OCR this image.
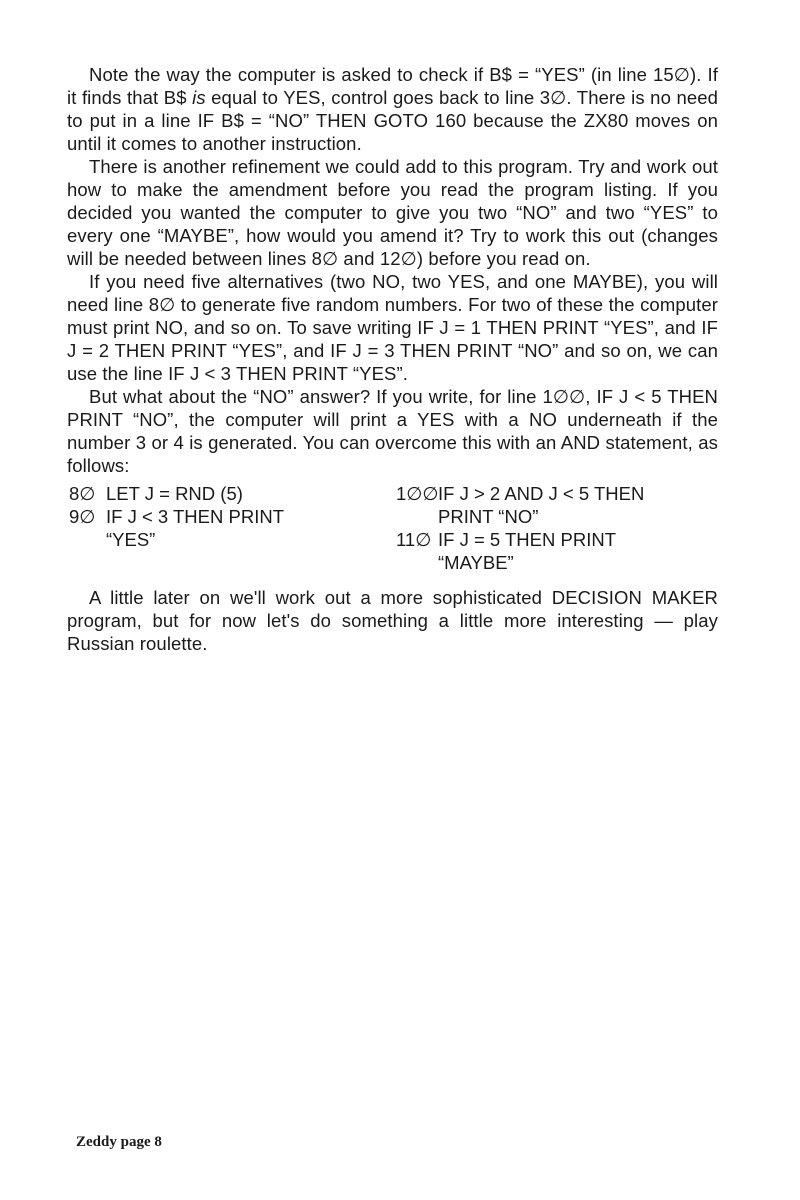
Note the way the computer is asked to check if B$ = “YES” (in line 15∅). If it finds that B$ is equal to YES, control goes back to line 3∅. There is no need to put in a line IF B$ = “NO” THEN GOTO 160 because the ZX80 moves on until it comes to another instruction.

There is another refinement we could add to this program. Try and work out how to make the amendment before you read the program listing. If you decided you wanted the computer to give you two “NO” and two “YES” to every one “MAYBE”, how would you amend it? Try to work this out (changes will be needed between lines 8∅ and 12∅) before you read on.

If you need five alternatives (two NO, two YES, and one MAYBE), you will need line 8∅ to generate five random numbers. For two of these the computer must print NO, and so on. To save writing IF J = 1 THEN PRINT “YES”, and IF J = 2 THEN PRINT “YES”, and IF J = 3 THEN PRINT “NO” and so on, we can use the line IF J < 3 THEN PRINT “YES”.

But what about the “NO” answer? If you write, for line 1∅∅, IF J < 5 THEN PRINT “NO”, the computer will print a YES with a NO underneath if the number 3 or 4 is generated. You can overcome this with an AND statement, as follows:

8∅ LET J = RND (5)
9∅ IF J < 3 THEN PRINT
“YES”
1∅∅ IF J > 2 AND J < 5 THEN
PRINT “NO”
11∅ IF J = 5 THEN PRINT
“MAYBE”

A little later on we'll work out a more sophisticated DECISION MAKER program, but for now let's do something a little more interesting — play Russian roulette.

Zeddy page 8
